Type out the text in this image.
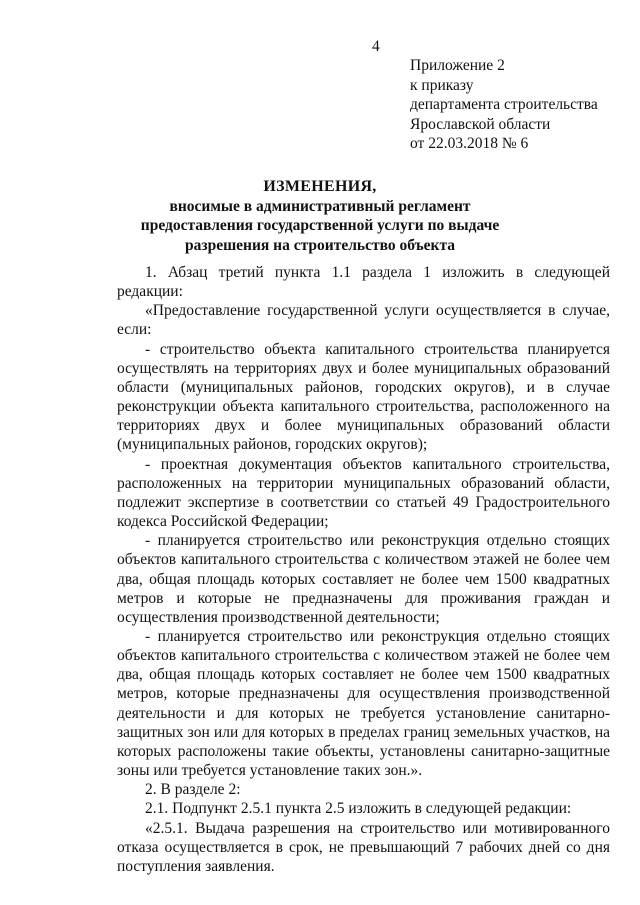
4
Приложение 2
к приказу
департамента строительства
Ярославской области
от 22.03.2018 № 6
ИЗМЕНЕНИЯ,
вносимые в административный регламент
предоставления государственной услуги по выдаче
разрешения на строительство объекта

1. Абзац третий пункта 1.1 раздела 1 изложить в следующей редакции:

«Предоставление государственной услуги осуществляется в случае, если:

- строительство объекта капитального строительства планируется осуществлять на территориях двух и более муниципальных образований области (муниципальных районов, городских округов), и в случае реконструкции объекта капитального строительства, расположенного на территориях двух и более муниципальных образований области (муниципальных районов, городских округов);

- проектная документация объектов капитального строительства, расположенных на территории муниципальных образований области, подлежит экспертизе в соответствии со статьей 49 Градостроительного кодекса Российской Федерации;

- планируется строительство или реконструкция отдельно стоящих объектов капитального строительства с количеством этажей не более чем два, общая площадь которых составляет не более чем 1500 квадратных метров и которые не предназначены для проживания граждан и осуществления производственной деятельности;

- планируется строительство или реконструкция отдельно стоящих объектов капитального строительства с количеством этажей не более чем два, общая площадь которых составляет не более чем 1500 квадратных метров, которые предназначены для осуществления производственной деятельности и для которых не требуется установление санитарно-защитных зон или для которых в пределах границ земельных участков, на которых расположены такие объекты, установлены санитарно-защитные зоны или требуется установление таких зон.».

2. В разделе 2:

2.1. Подпункт 2.5.1 пункта 2.5 изложить в следующей редакции:

«2.5.1. Выдача разрешения на строительство или мотивированного отказа осуществляется в срок, не превышающий 7 рабочих дней со дня поступления заявления.
